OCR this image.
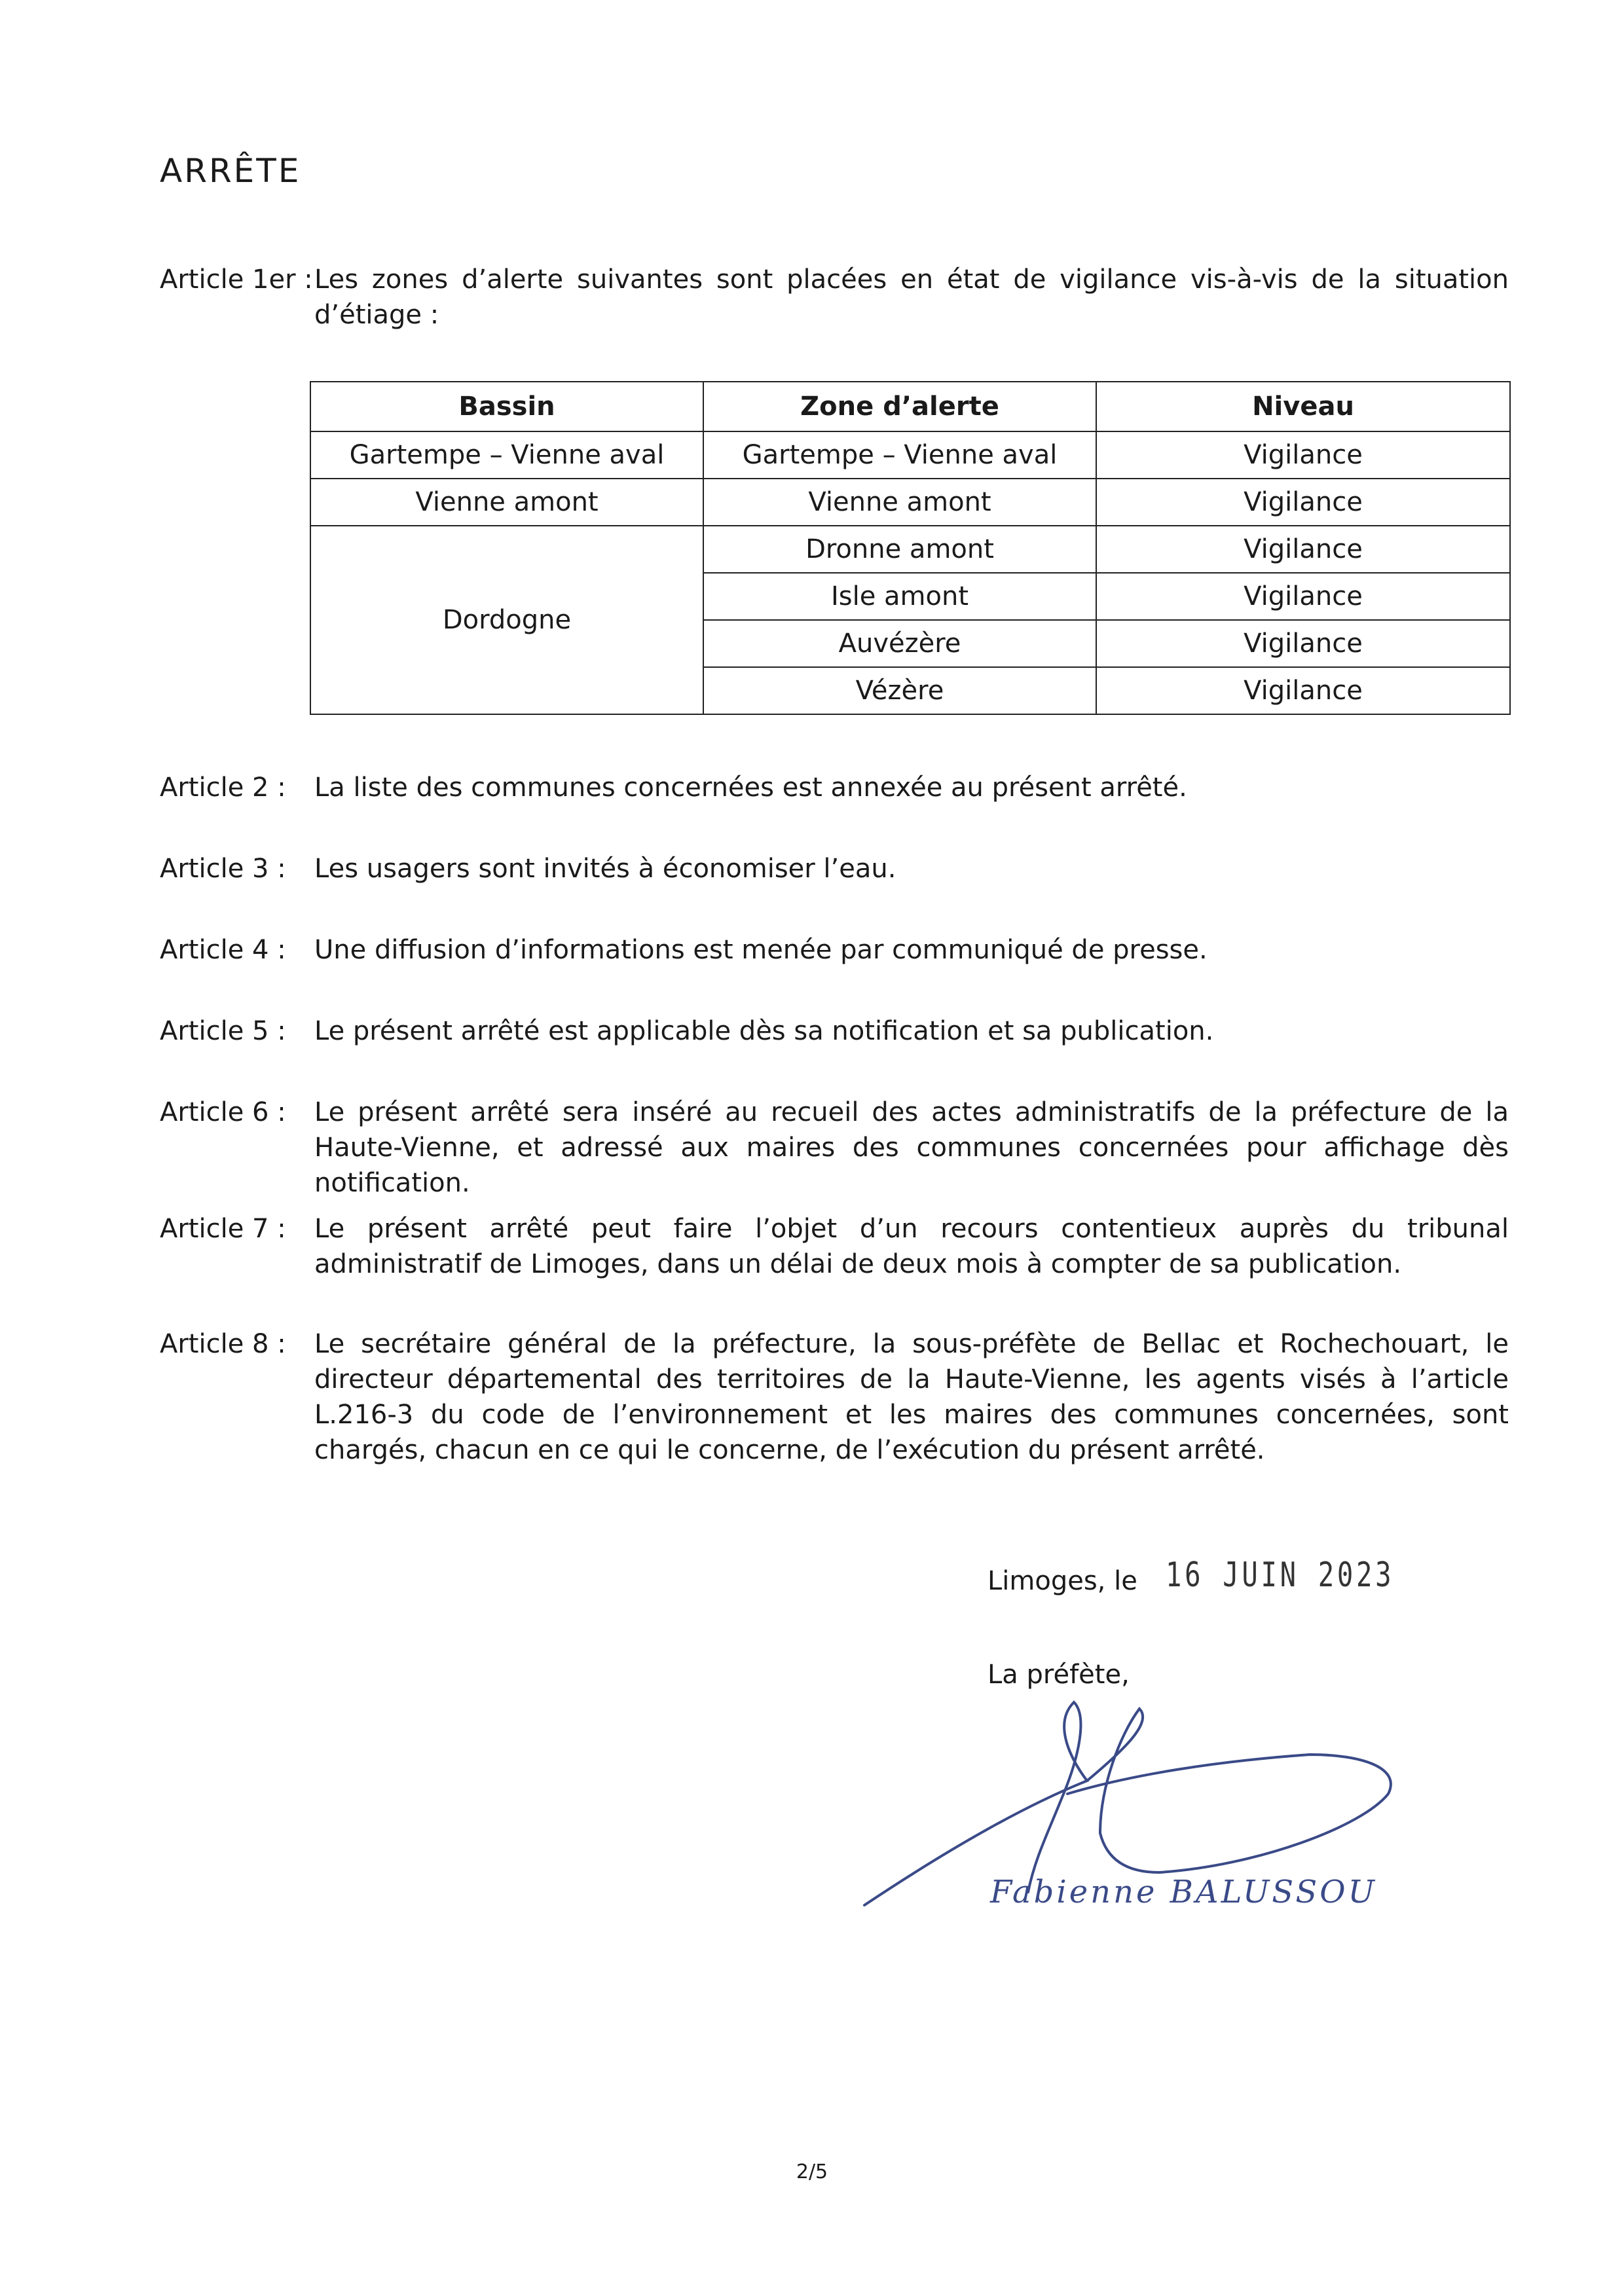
ARRÊTE
Article 1er : Les zones d’alerte suivantes sont placées en état de vigilance vis-à-vis de la situation d’étiage :
Bassin	Zone d’alerte	Niveau
Gartempe – Vienne aval	Gartempe – Vienne aval	Vigilance
Vienne amont	Vienne amont	Vigilance
Dordogne	Dronne amont	Vigilance
	Isle amont	Vigilance
	Auvézère	Vigilance
	Vézère	Vigilance
Article 2 : La liste des communes concernées est annexée au présent arrêté.
Article 3 : Les usagers sont invités à économiser l’eau.
Article 4 : Une diffusion d’informations est menée par communiqué de presse.
Article 5 : Le présent arrêté est applicable dès sa notification et sa publication.
Article 6 : Le présent arrêté sera inséré au recueil des actes administratifs de la préfecture de la Haute-Vienne, et adressé aux maires des communes concernées pour affichage dès notification.
Article 7 : Le présent arrêté peut faire l’objet d’un recours contentieux auprès du tribunal administratif de Limoges, dans un délai de deux mois à compter de sa publication.
Article 8 : Le secrétaire général de la préfecture, la sous-préfète de Bellac et Rochechouart, le directeur départemental des territoires de la Haute-Vienne, les agents visés à l’article L.216-3 du code de l’environnement et les maires des communes concernées, sont chargés, chacun en ce qui le concerne, de l’exécution du présent arrêté.
Limoges, le 16 JUIN 2023
La préfète,
Fabienne BALUSSOU
2/5
